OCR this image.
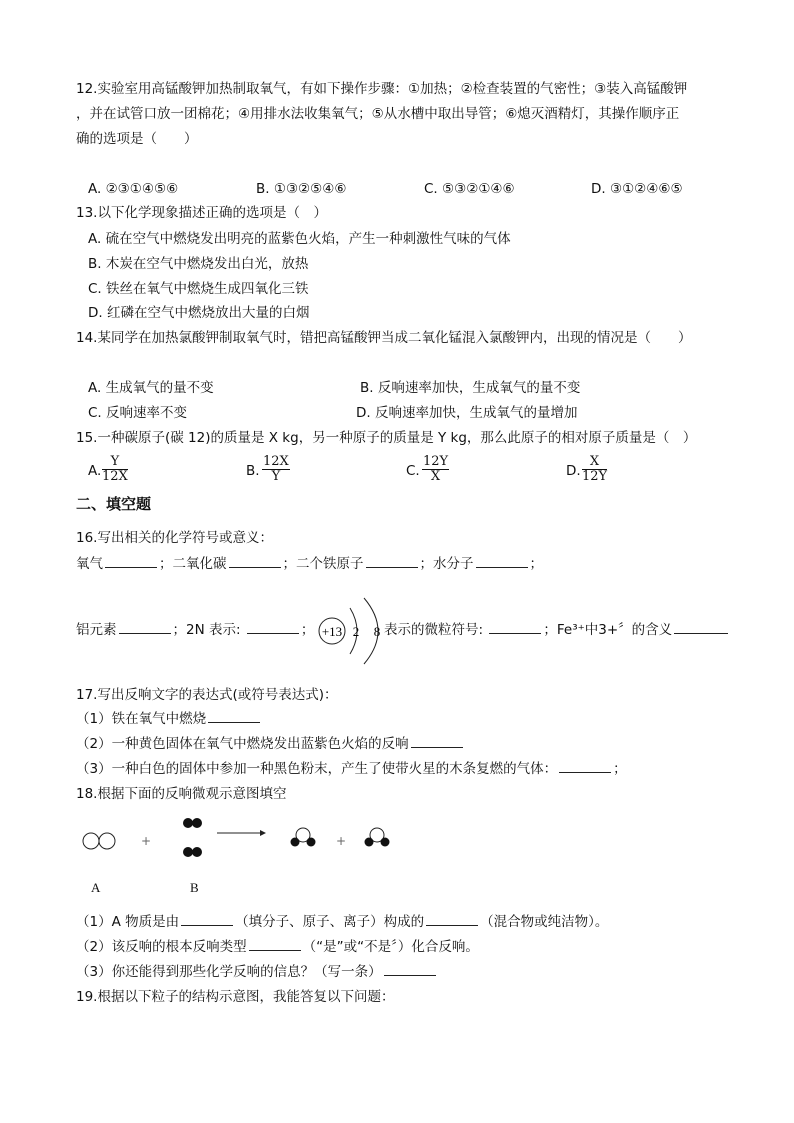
12.实验室用高锰酸钾加热制取氧气，有如下操作步骤：①加热；②检查装置的气密性；③装入高锰酸钾
，并在试管口放一团棉花；④用排水法收集氧气；⑤从水槽中取出导管；⑥熄灭酒精灯，其操作顺序正
确的选项是（　　）
A. ②③①④⑤⑥	B. ①③②⑤④⑥	C. ⑤③②①④⑥	D. ③①②④⑥⑤
13.以下化学现象描述正确的选项是（　）
A. 硫在空气中燃烧发出明亮的蓝紫色火焰，产生一种刺激性气味的气体
B. 木炭在空气中燃烧发出白光，放热
C. 铁丝在氧气中燃烧生成四氧化三铁
D. 红磷在空气中燃烧放出大量的白烟
14.某同学在加热氯酸钾制取氧气时，错把高锰酸钾当成二氧化锰混入氯酸钾内，出现的情况是（　　）
A. 生成氧气的量不变	B. 反响速率加快，生成氧气的量不变
C. 反响速率不变	D. 反响速率加快，生成氧气的量增加
15.一种碳原子(碳 12)的质量是 X kg，另一种原子的质量是 Y kg，那么此原子的相对原子质量是（　）
A. $\frac{Y}{12X}$	B. $\frac{12X}{Y}$	C. $\frac{12Y}{X}$	D. $\frac{X}{12Y}$
二、填空题
16.写出相关的化学符号或意义：
氧气	；二氧化碳	；二个铁原子	；水分子	；
铝元素	；2N 表示:	； +13 2 8 表示的微粒符号:	；Fe³⁺中3+〞的含义
17.写出反响文字的表达式(或符号表达式)：
（1）铁在氧气中燃烧
（2）一种黄色固体在氧气中燃烧发出蓝紫色火焰的反响
（3）一种白色的固体中参加一种黑色粉末，产生了使带火星的木条复燃的气体：	；
18.根据下面的反响微观示意图填空
+	+
A	B
（1）A 物质是由	（填分子、原子、离子）构成的	（混合物或纯洁物）。
（2）该反响的根本反响类型	（“是”或“不是〞）化合反响。
（3）你还能得到那些化学反响的信息？（写一条）
19.根据以下粒子的结构示意图，我能答复以下问题：
